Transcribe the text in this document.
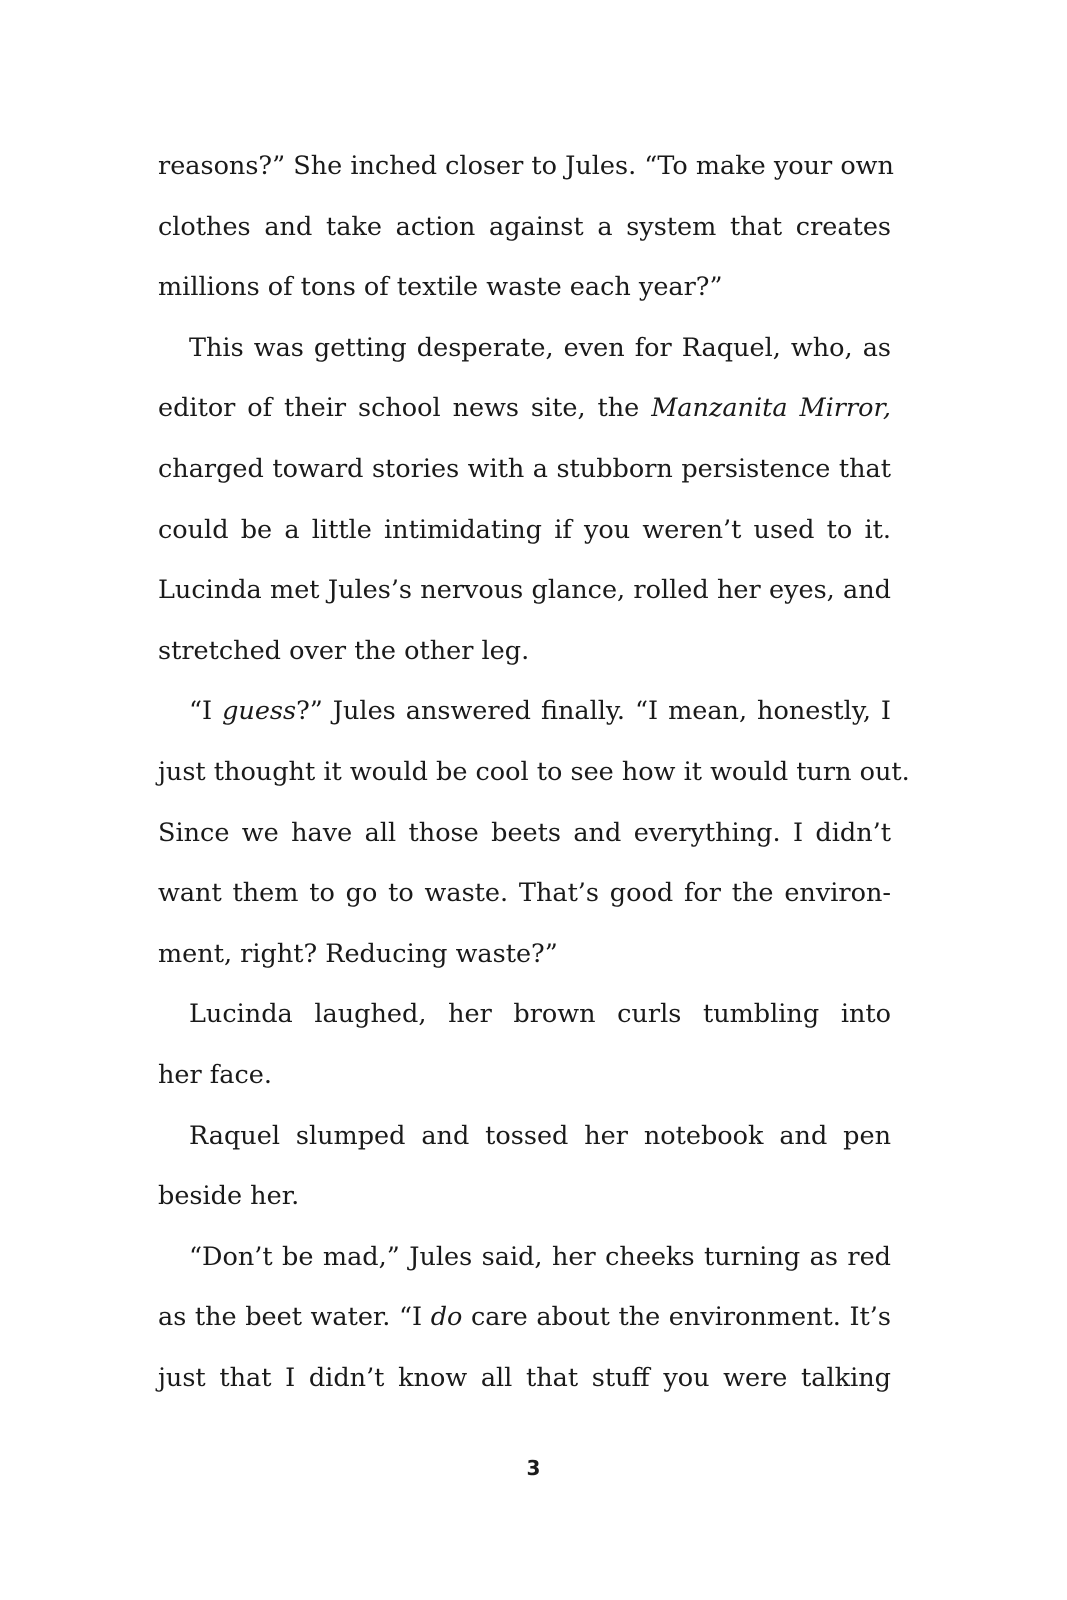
reasons?” She inched closer to Jules. “To make your own
clothes and take action against a system that creates
millions of tons of textile waste each year?”
This was getting desperate, even for Raquel, who, as
editor of their school news site, the Manzanita Mirror,
charged toward stories with a stubborn persistence that
could be a little intimidating if you weren’t used to it.
Lucinda met Jules’s nervous glance, rolled her eyes, and
stretched over the other leg.
“I guess?” Jules answered finally. “I mean, honestly, I
just thought it would be cool to see how it would turn out.
Since we have all those beets and everything. I didn’t
want them to go to waste. That’s good for the environ-
ment, right? Reducing waste?”
Lucinda laughed, her brown curls tumbling into
her face.
Raquel slumped and tossed her notebook and pen
beside her.
“Don’t be mad,” Jules said, her cheeks turning as red
as the beet water. “I do care about the environment. It’s
just that I didn’t know all that stuff you were talking
3
